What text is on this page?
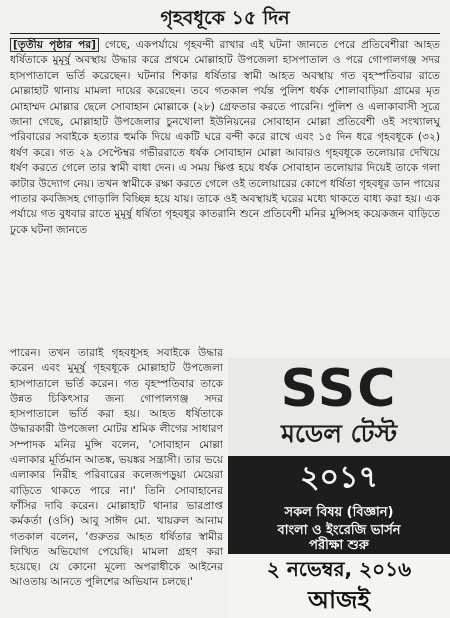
গৃহবধূকে ১৫ দিন

[তৃতীয় পৃষ্ঠার পর] গেছে, একপর্যায়ে গৃহবন্দী রাখার এই ঘটনা জানতে পেরে প্রতিবেশীরা আহত ধর্ষিতাকে মুমূর্ষু অবস্থায় উদ্ধার করে প্রথমে মোল্লাহাট উপজেলা হাসপাতাল ও পরে গোপালগঞ্জ সদর হাসপাতালে ভর্তি করেছেন। ঘটনার শিকার ধর্ষিতার স্বামী আহত অবস্থায় গত বৃহস্পতিবার রাতে মোল্লাহাট থানায় মামলা দায়ের করেছেন। তবে গতকাল পর্যন্ত পুলিশ ধর্ষক শোলাবাড়িয়া গ্রামের মৃত মোহাম্মদ মোল্লার ছেলে সোবাহান মোল্লাকে (২৮) গ্রেফতার করতে পারেনি। পুলিশ ও এলাকাবাসী সূত্রে জানা গেছে, মোল্লাহাট উপজেলার চুনখোলা ইউনিয়নের সোবাহান মোল্লা প্রতিবেশী ওই সংখ্যালঘু পরিবারের সবাইকে হত্যার হুমকি দিয়ে একটি ঘরে বন্দী করে রাখে এবং ১৫ দিন ধরে গৃহবধূকে (৩২) ধর্ষণ করে। গত ২৯ সেপ্টেম্বর গভীররাতে ধর্ষক সোবাহান মোল্লা আবারও গৃহবধূকে তলোয়ার দেখিয়ে ধর্ষণ করতে গেলে তার স্বামী বাধা দেন। এ সময় ক্ষিপ্ত হয়ে ধর্ষক সোবাহান তলোয়ার দিয়েই তাকে গলা কাটার উদ্যোগ নেয়। তখন স্বামীকে রক্ষা করতে গেলে ওই তলোয়ারের কোপে ধর্ষিতা গৃহবধূর ডান পায়ের পাতার কবজিসহ গোড়ালি বিচ্ছিন্ন হয়ে যায়। তাকে ওই অবস্থায়ই ঘরের মধ্যে থাকতে বাধ্য করা হয়। এক পর্যায়ে গত বুধবার রাতে মুমূর্ষু ধর্ষিতা গৃহবধূর কাতরানি শুনে প্রতিবেশী মনির মুন্সিসহ কয়েকজন বাড়িতে ঢুকে ঘটনা জানতে

পারেন। তখন তারাই গৃহবধূসহ সবাইকে উদ্ধার করেন এবং মুমূর্ষু গৃহবধূকে মোল্লাহাট উপজেলা হাসপাতালে ভর্তি করেন। গত বৃহস্পতিবার তাকে উন্নত চিকিৎসার জন্য গোপালগঞ্জ সদর হাসপাতালে ভর্তি করা হয়। আহত ধর্ষিতাকে উদ্ধারকারী উপজেলা মোটর শ্রমিক লীগের সাধারণ সম্পাদক মনির মুন্সি বলেন, 'সোবাহান মোল্লা এলাকার মূর্তিমান আতঙ্ক, ভয়ঙ্কর সন্ত্রাসী। তার ভয়ে এলাকার নিরীহ পরিবারের কলেজপড়ুয়া মেয়েরা বাড়িতে থাকতে পারে না।' তিনি সোবাহানের ফাঁসির দাবি করেন। মোল্লাহাট থানার ভারপ্রাপ্ত কর্মকর্তা (ওসি) আবু সাঈদ মো. খায়রুল আনাম গতকাল বলেন, 'গুরুতর আহত ধর্ষিতার স্বামীর লিখিত অভিযোগ পেয়েছি। মামলা গ্রহণ করা হয়েছে। যে কোনো মূল্যে অপরাধীকে আইনের আওতায় আনতে পুলিশের অভিযান চলছে।'

SSC
মডেল টেস্ট
২০১৭
সকল বিষয় (বিজ্ঞান)
বাংলা ও ইংরেজি ভার্সন
২ নভেম্বর, ২০১৬
আজই
পরীক্ষা শুরু
